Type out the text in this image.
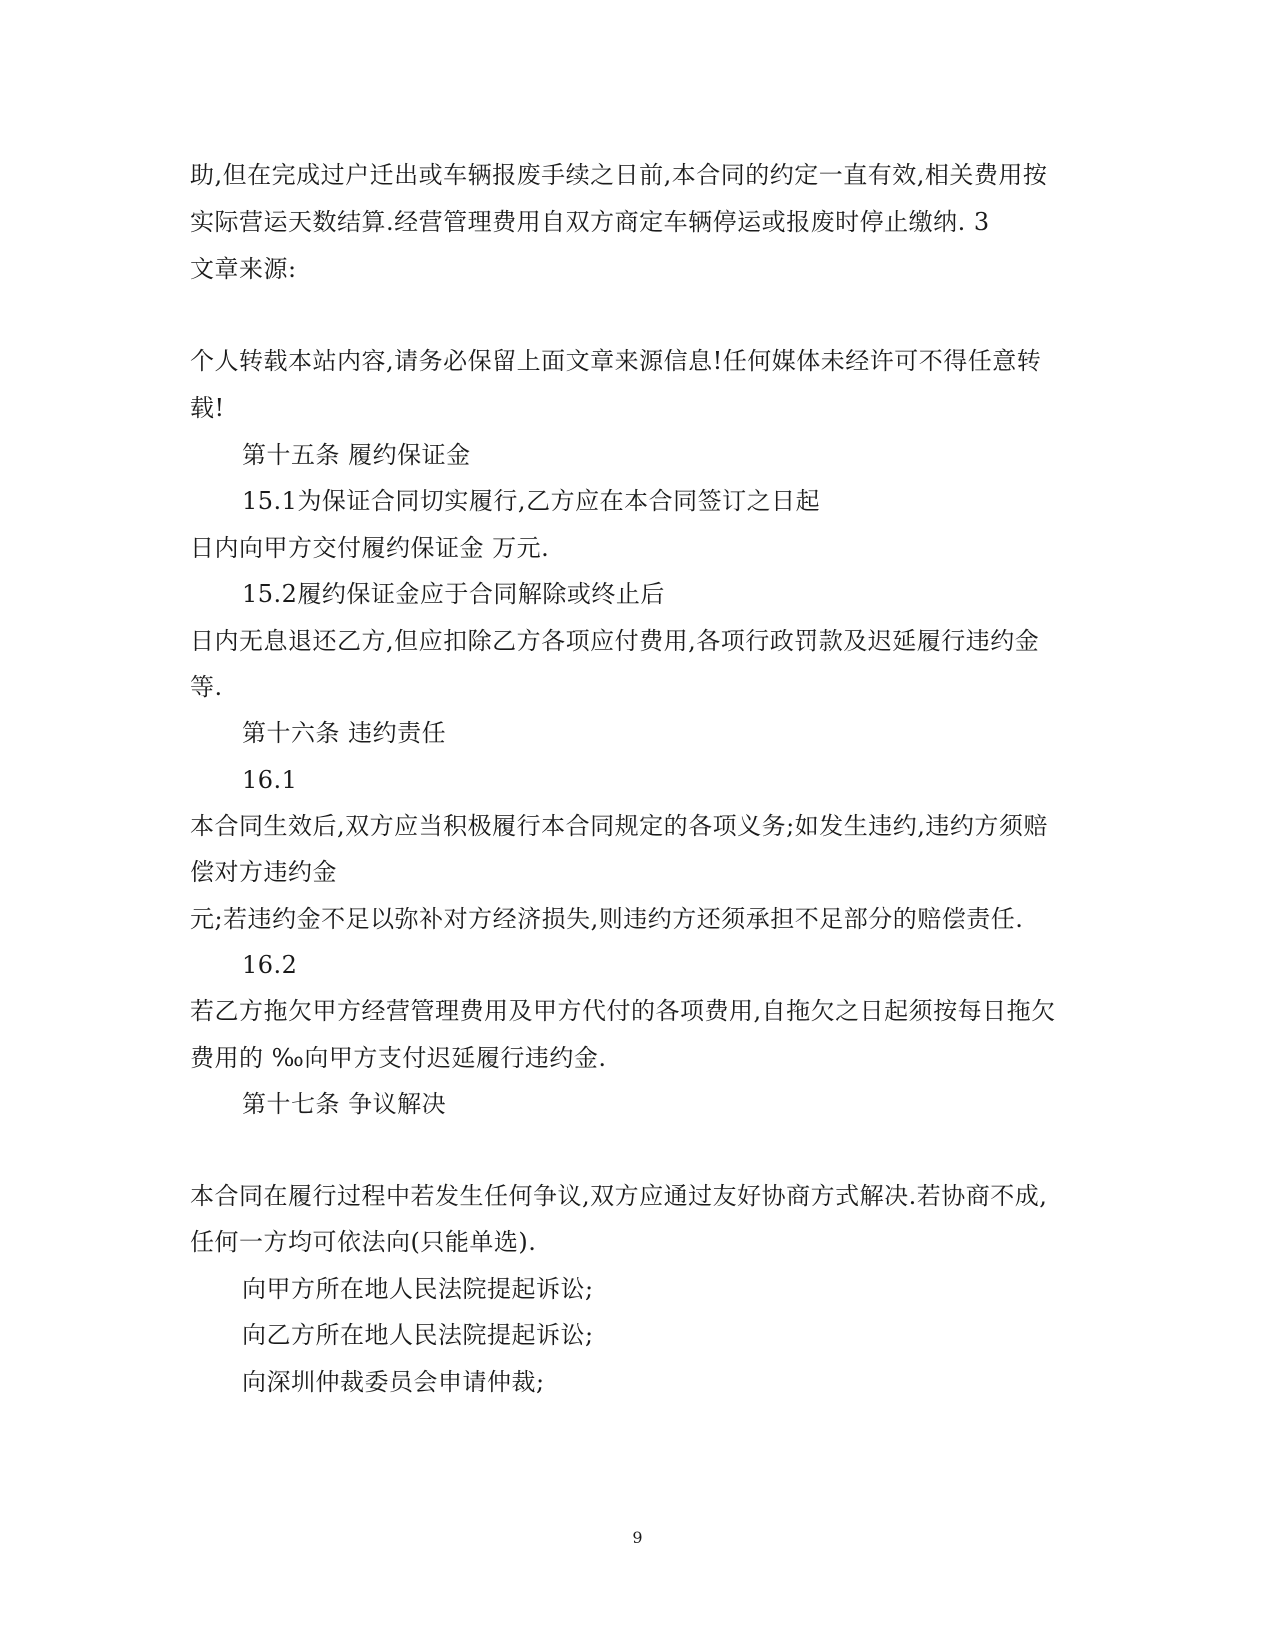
助,但在完成过户迁出或车辆报废手续之日前,本合同的约定一直有效,相关费用按
实际营运天数结算.经营管理费用自双方商定车辆停运或报废时停止缴纳. 3
文章来源:
个人转载本站内容,请务必保留上面文章来源信息!任何媒体未经许可不得任意转
载!
第十五条 履约保证金
15.1为保证合同切实履行,乙方应在本合同签订之日起
日内向甲方交付履约保证金 万元.
15.2履约保证金应于合同解除或终止后
日内无息退还乙方,但应扣除乙方各项应付费用,各项行政罚款及迟延履行违约金
等.
第十六条 违约责任
16.1
本合同生效后,双方应当积极履行本合同规定的各项义务;如发生违约,违约方须赔
偿对方违约金
元;若违约金不足以弥补对方经济损失,则违约方还须承担不足部分的赔偿责任.
16.2
若乙方拖欠甲方经营管理费用及甲方代付的各项费用,自拖欠之日起须按每日拖欠
费用的 ‰向甲方支付迟延履行违约金.
第十七条 争议解决
本合同在履行过程中若发生任何争议,双方应通过友好协商方式解决.若协商不成,
任何一方均可依法向(只能单选).
向甲方所在地人民法院提起诉讼;
向乙方所在地人民法院提起诉讼;
向深圳仲裁委员会申请仲裁;
9
